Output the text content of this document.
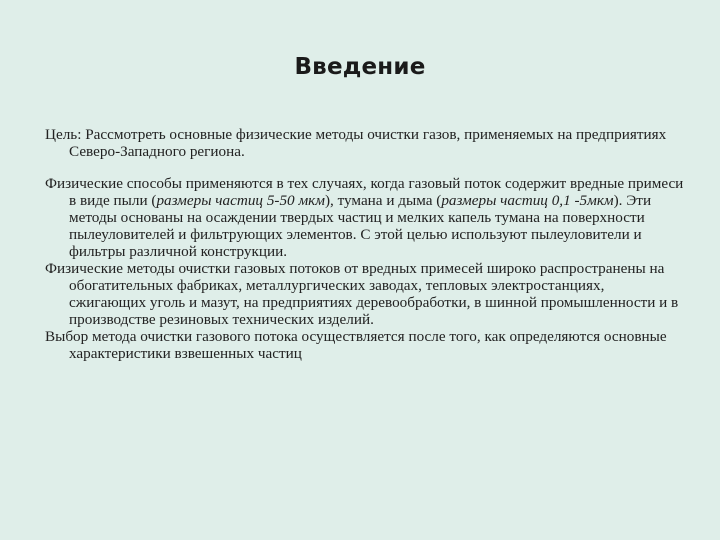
Введение

Цель: Рассмотреть основные физические методы очистки газов, применяемых на предприятиях Северо-Западного региона.

Физические способы применяются в тех случаях, когда газовый поток содержит вредные примеси в виде пыли (размеры частиц 5-50 мкм), тумана и дыма (размеры частиц 0,1 -5мкм). Эти методы основаны на осаждении твердых частиц и мелких капель тумана на поверхности пылеуловителей и фильтрующих элементов. С этой целью используют пылеуловители и фильтры различной конструкции.

Физические методы очистки газовых потоков от вредных примесей широко распространены на обогатительных фабриках, металлургических заводах, тепловых электростанциях, сжигающих уголь и мазут, на предприятиях деревообработки, в шинной промышленности и в производстве резиновых технических изделий.

Выбор метода очистки газового потока осуществляется после того, как определяются основные характеристики взвешенных частиц
